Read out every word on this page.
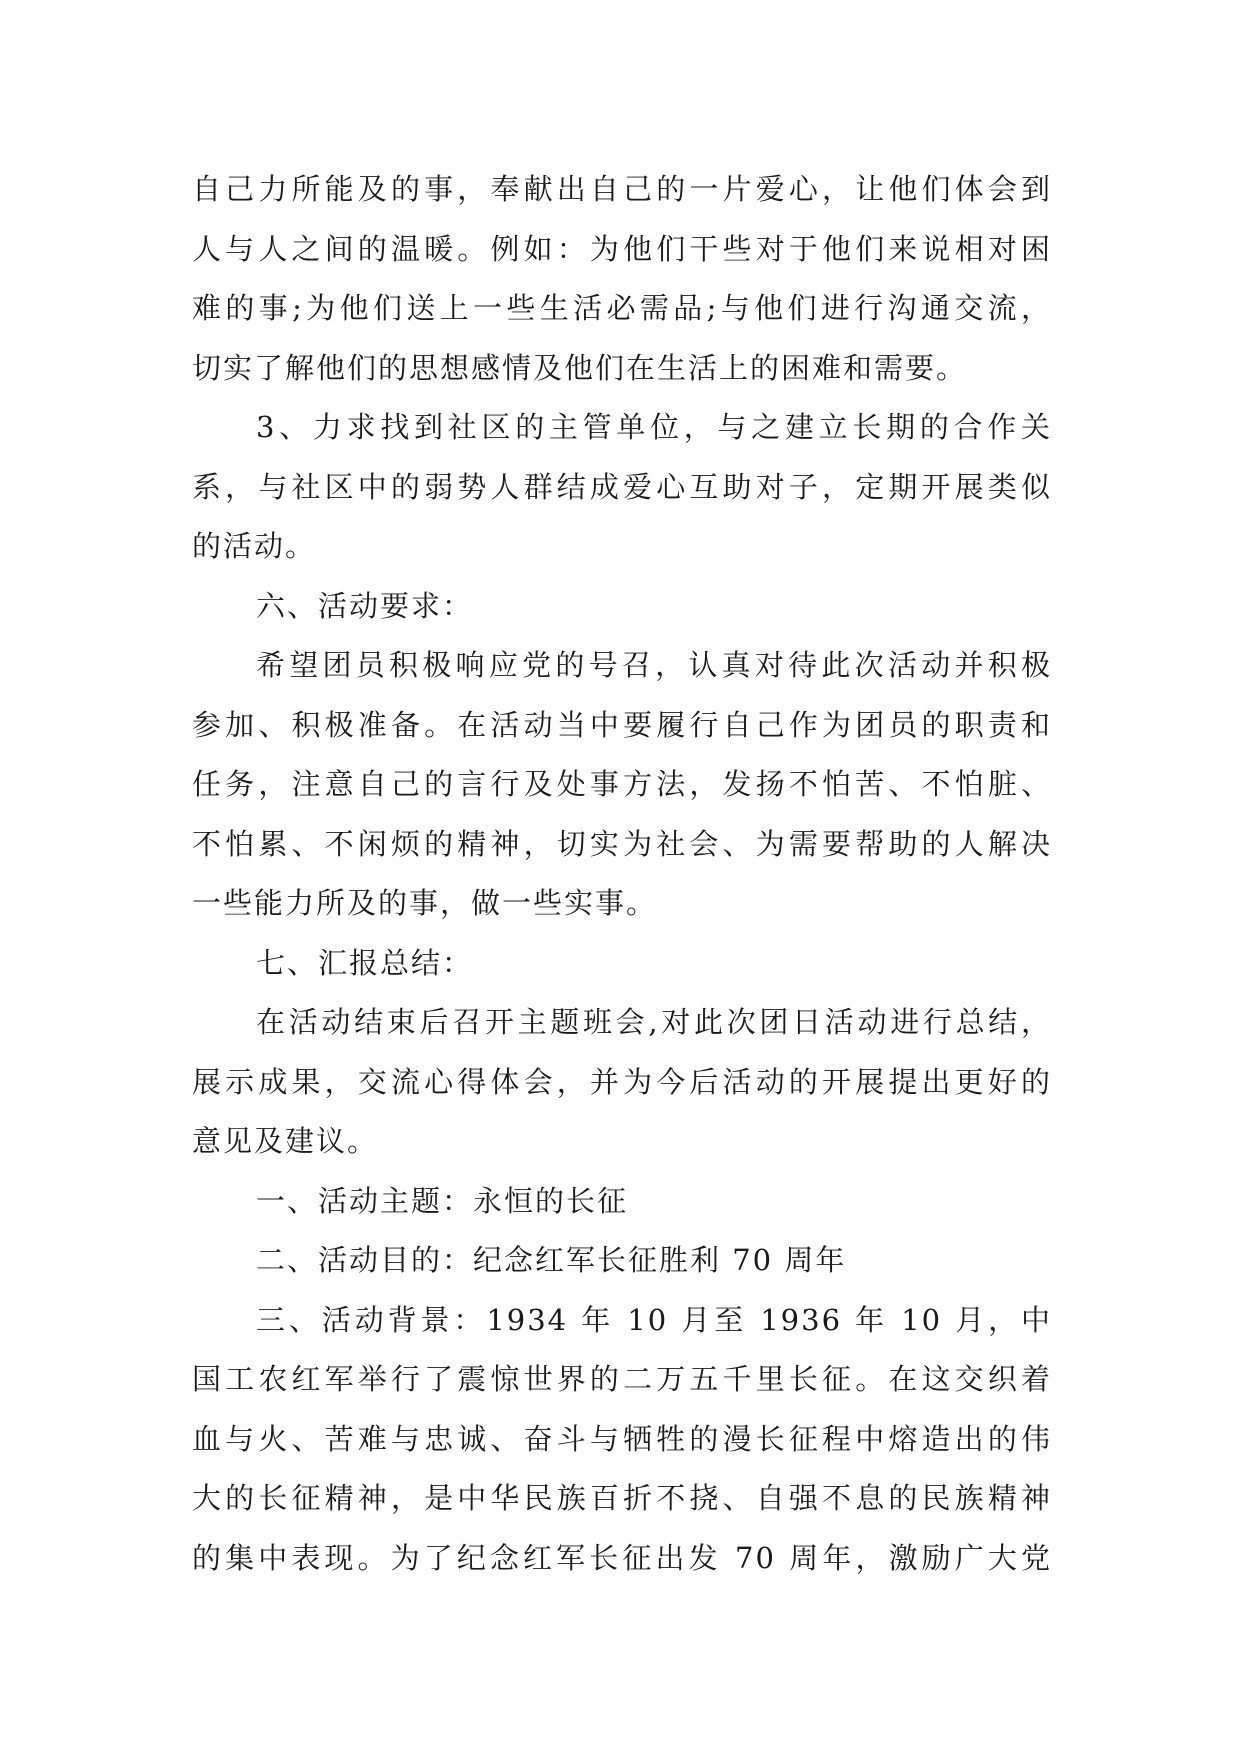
自己力所能及的事，奉献出自己的一片爱心，让他们体会到
人与人之间的温暖。例如：为他们干些对于他们来说相对困
难的事;为他们送上一些生活必需品;与他们进行沟通交流，
切实了解他们的思想感情及他们在生活上的困难和需要。
3、力求找到社区的主管单位，与之建立长期的合作关
系，与社区中的弱势人群结成爱心互助对子，定期开展类似
的活动。
六、活动要求：
希望团员积极响应党的号召，认真对待此次活动并积极
参加、积极准备。在活动当中要履行自己作为团员的职责和
任务，注意自己的言行及处事方法，发扬不怕苦、不怕脏、
不怕累、不闲烦的精神，切实为社会、为需要帮助的人解决
一些能力所及的事，做一些实事。
七、汇报总结：
在活动结束后召开主题班会,对此次团日活动进行总结，
展示成果，交流心得体会，并为今后活动的开展提出更好的
意见及建议。
一、活动主题：永恒的长征
二、活动目的：纪念红军长征胜利 70 周年
三、活动背景：1934 年 10 月至 1936 年 10 月，中
国工农红军举行了震惊世界的二万五千里长征。在这交织着
血与火、苦难与忠诚、奋斗与牺牲的漫长征程中熔造出的伟
大的长征精神，是中华民族百折不挠、自强不息的民族精神
的集中表现。为了纪念红军长征出发 70 周年，激励广大党
